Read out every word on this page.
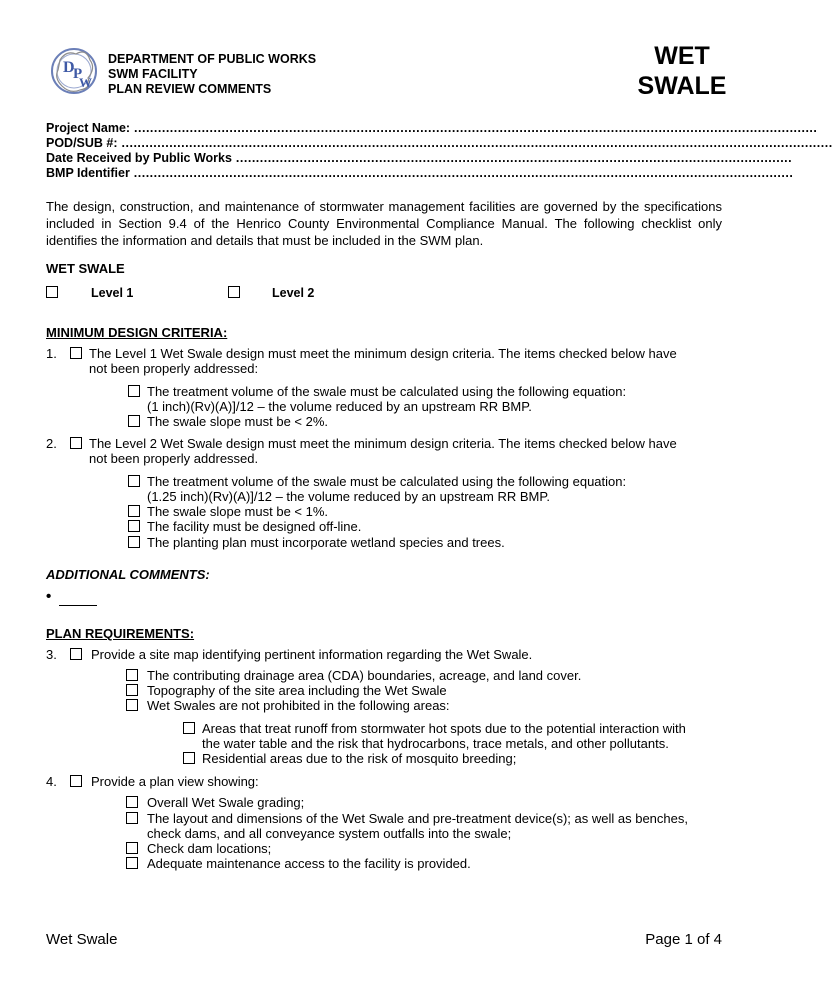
D
P
W
DEPARTMENT OF PUBLIC WORKS
SWM FACILITY
PLAN REVIEW COMMENTS
WET
SWALE
Project Name: ............................................................................................................................................................................
POD/SUB #: ...................................................................................................................................................................................
Date Received by Public Works ............................................................................................................................................
BMP Identifier ......................................................................................................................................................................
The design, construction, and maintenance of stormwater management facilities are governed by the specifications included in Section 9.4 of the Henrico County Environmental Compliance Manual. The following checklist only identifies the information and details that must be included in the SWM plan.
WET SWALE
Level 1	Level 2
MINIMUM DESIGN CRITERIA:
1. The Level 1 Wet Swale design must meet the minimum design criteria. The items checked below have
not been properly addressed:
The treatment volume of the swale must be calculated using the following equation:
(1 inch)(Rv)(A)]/12 – the volume reduced by an upstream RR BMP.
The swale slope must be < 2%.
2. The Level 2 Wet Swale design must meet the minimum design criteria. The items checked below have
not been properly addressed.
The treatment volume of the swale must be calculated using the following equation:
(1.25 inch)(Rv)(A)]/12 – the volume reduced by an upstream RR BMP.
The swale slope must be < 1%.
The facility must be designed off-line.
The planting plan must incorporate wetland species and trees.
ADDITIONAL COMMENTS:
•
PLAN REQUIREMENTS:
3.	Provide a site map identifying pertinent information regarding the Wet Swale.
The contributing drainage area (CDA) boundaries, acreage, and land cover.
Topography of the site area including the Wet Swale
Wet Swales are not prohibited in the following areas:
Areas that treat runoff from stormwater hot spots due to the potential interaction with
the water table and the risk that hydrocarbons, trace metals, and other pollutants.
Residential areas due to the risk of mosquito breeding;
4.	Provide a plan view showing:
Overall Wet Swale grading;
The layout and dimensions of the Wet Swale and pre-treatment device(s); as well as benches,
check dams, and all conveyance system outfalls into the swale;
Check dam locations;
Adequate maintenance access to the facility is provided.
Wet Swale	Page 1 of 4
